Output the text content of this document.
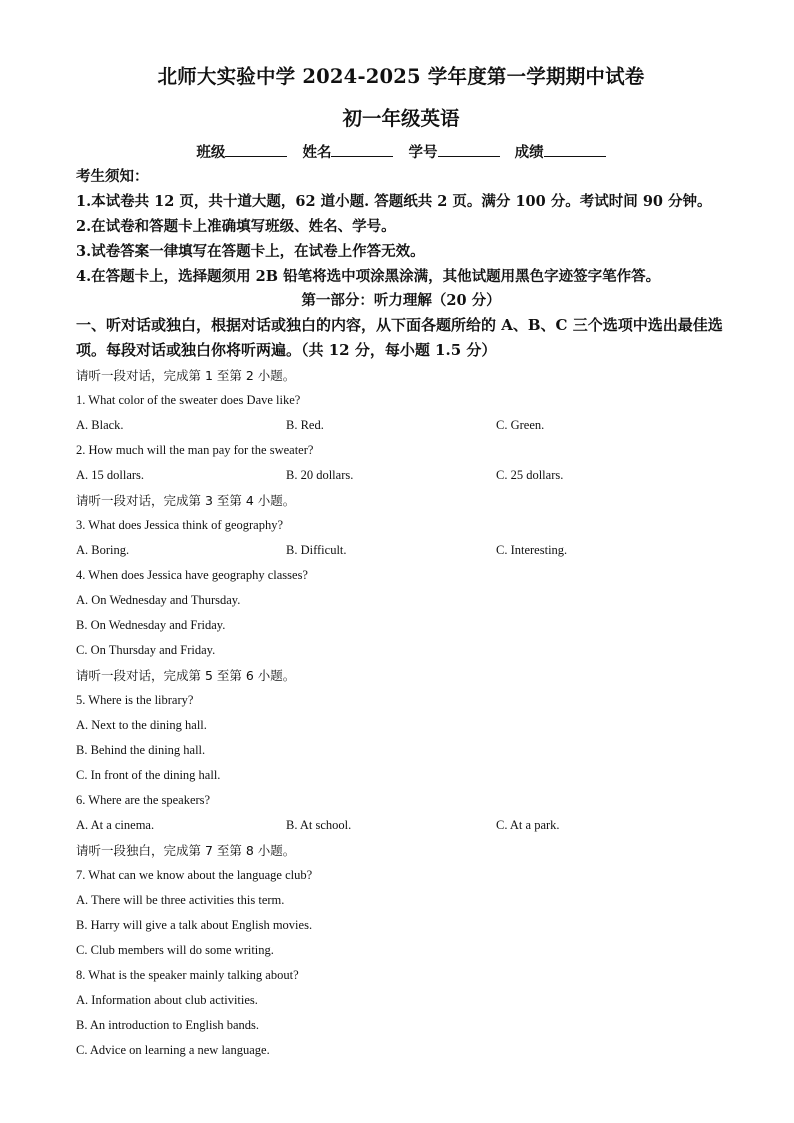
北师大实验中学 2024-2025 学年度第一学期期中试卷
初一年级英语
班级	姓名	学号	成绩
考生须知：
1.本试卷共 12 页，共十道大题，62 道小题. 答题纸共 2 页。满分 100 分。考试时间 90 分钟。
2.在试卷和答题卡上准确填写班级、姓名、学号。
3.试卷答案一律填写在答题卡上，在试卷上作答无效。
4.在答题卡上，选择题须用 2B 铅笔将选中项涂黑涂满，其他试题用黑色字迹签字笔作答。
第一部分：听力理解（20 分）
一、听对话或独白，根据对话或独白的内容，从下面各题所给的 A、B、C 三个选项中选出最佳选项。每段对话或独白你将听两遍。（共 12 分，每小题 1.5 分）
请听一段对话，完成第 1 至第 2 小题。
1. What color of the sweater does Dave like?
A. Black.	B. Red.	C. Green.
2. How much will the man pay for the sweater?
A. 15 dollars.	B. 20 dollars.	C. 25 dollars.
请听一段对话，完成第 3 至第 4 小题。
3. What does Jessica think of geography?
A. Boring.	B. Difficult.	C. Interesting.
4. When does Jessica have geography classes?
A. On Wednesday and Thursday.
B. On Wednesday and Friday.
C. On Thursday and Friday.
请听一段对话，完成第 5 至第 6 小题。
5. Where is the library?
A. Next to the dining hall.
B. Behind the dining hall.
C. In front of the dining hall.
6. Where are the speakers?
A. At a cinema.	B. At school.	C. At a park.
请听一段独白，完成第 7 至第 8 小题。
7. What can we know about the language club?
A. There will be three activities this term.
B. Harry will give a talk about English movies.
C. Club members will do some writing.
8. What is the speaker mainly talking about?
A. Information about club activities.
B. An introduction to English bands.
C. Advice on learning a new language.
